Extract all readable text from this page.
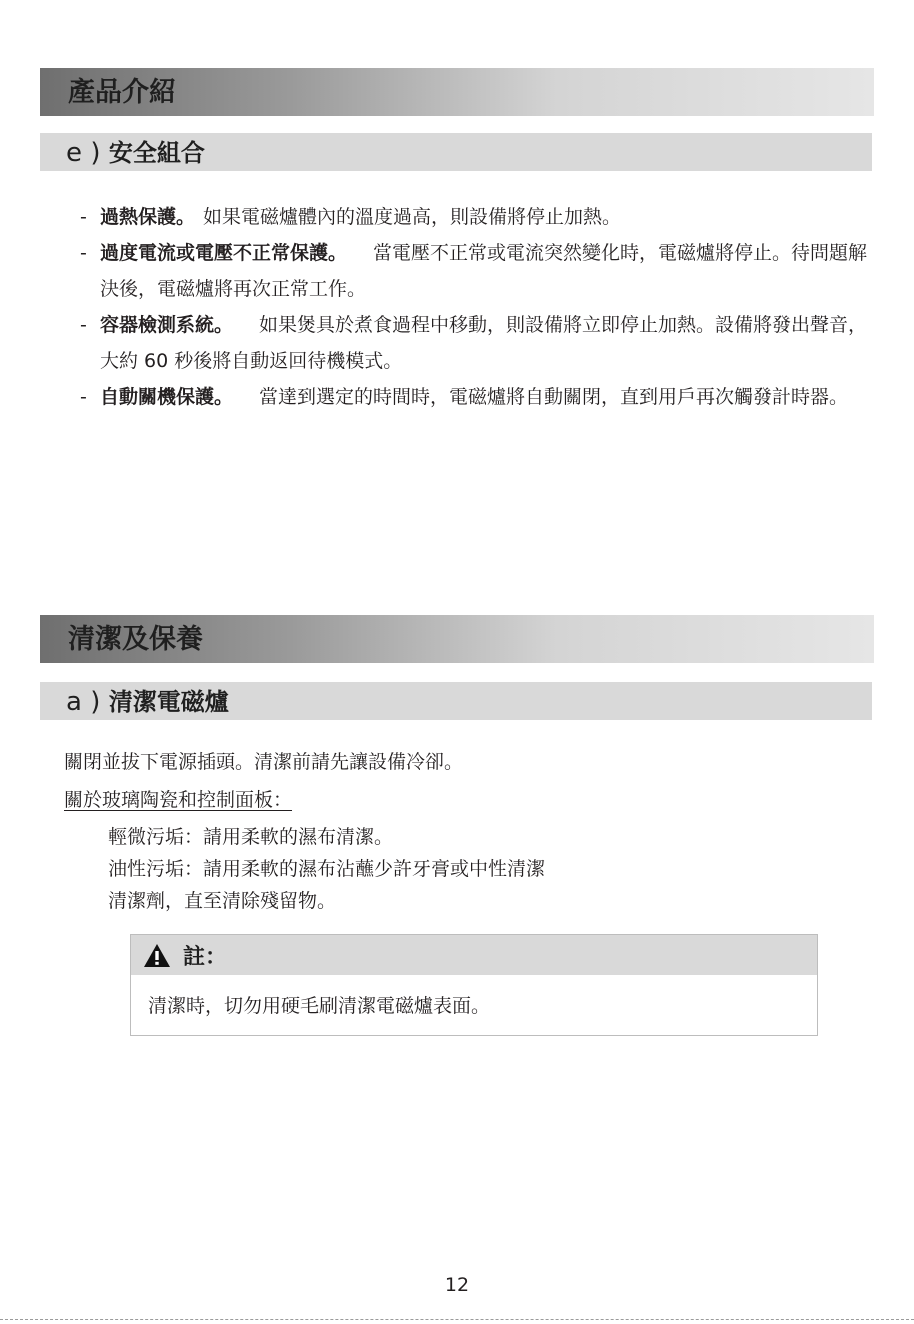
產品介紹
e ) 安全組合
- 過熱保護。 如果電磁爐體內的溫度過高，則設備將停止加熱。
- 過度電流或電壓不正常保護。 當電壓不正常或電流突然變化時，電磁爐將停止。待問題解決後，電磁爐將再次正常工作。
- 容器檢測系統。 如果煲具於煮食過程中移動，則設備將立即停止加熱。設備將發出聲音，大約 60 秒後將自動返回待機模式。
- 自動關機保護。 當達到選定的時間時，電磁爐將自動關閉，直到用戶再次觸發計時器。
清潔及保養
a ) 清潔電磁爐
關閉並拔下電源插頭。清潔前請先讓設備冷卻。
關於玻璃陶瓷和控制面板：
輕微污垢：請用柔軟的濕布清潔。
油性污垢：請用柔軟的濕布沾蘸少許牙膏或中性清潔
清潔劑，直至清除殘留物。
註：
清潔時，切勿用硬毛刷清潔電磁爐表面。
12
